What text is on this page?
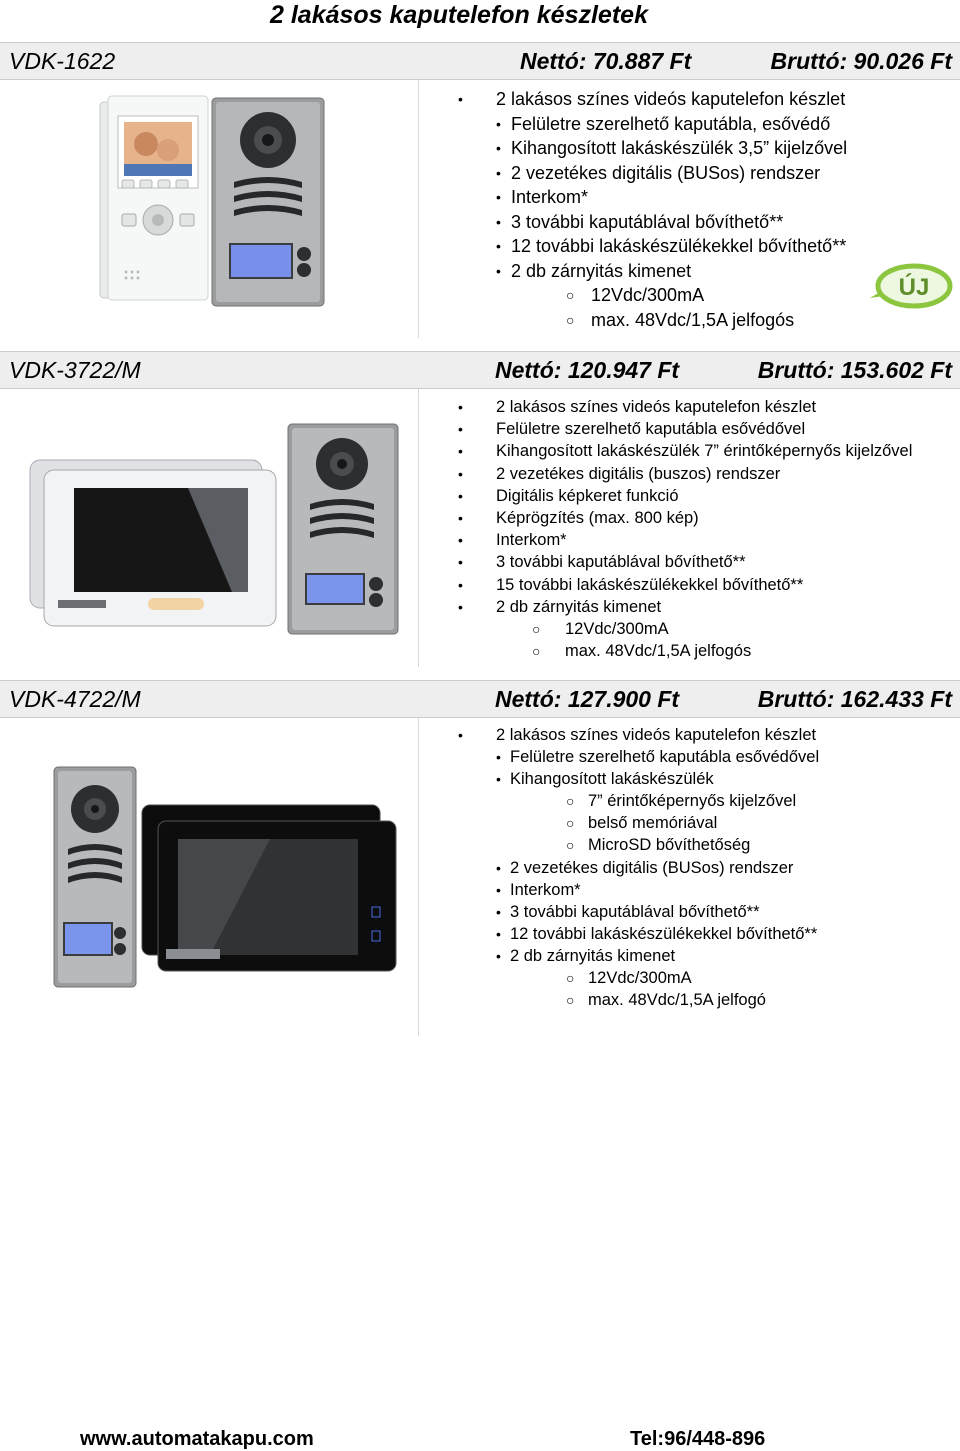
2 lakásos kaputelefon készletek
VDK-1622	Nettó: 70.887 Ft	Bruttó: 90.026 Ft
ÚJ
• 2 lakásos színes videós kaputelefon készlet
• Felületre szerelhető kaputábla, esővédő
• Kihangosított lakáskészülék 3,5” kijelzővel
• 2 vezetékes digitális (BUSos) rendszer
• Interkom*
• 3 további kaputáblával bővíthető**
• 12 további lakáskészülékekkel bővíthető**
• 2 db zárnyitás kimenet
○ 12Vdc/300mA
○ max. 48Vdc/1,5A jelfogós
VDK-3722/M	Nettó: 120.947 Ft	Bruttó: 153.602 Ft
• 2 lakásos színes videós kaputelefon készlet
• Felületre szerelhető kaputábla esővédővel
• Kihangosított lakáskészülék 7” érintőképernyős kijelzővel
• 2 vezetékes digitális (buszos) rendszer
• Digitális képkeret funkció
• Képrögzítés (max. 800 kép)
• Interkom*
• 3 további kaputáblával bővíthető**
• 15 további lakáskészülékekkel bővíthető**
• 2 db zárnyitás kimenet
○ 12Vdc/300mA
○ max. 48Vdc/1,5A jelfogós
VDK-4722/M	Nettó: 127.900 Ft	Bruttó: 162.433 Ft
• 2 lakásos színes videós kaputelefon készlet
• Felületre szerelhető kaputábla esővédővel
• Kihangosított lakáskészülék
○ 7” érintőképernyős kijelzővel
○ belső memóriával
○ MicroSD bővíthetőség
• 2 vezetékes digitális (BUSos) rendszer
• Interkom*
• 3 további kaputáblával bővíthető**
• 12 további lakáskészülékekkel bővíthető**
• 2 db zárnyitás kimenet
○ 12Vdc/300mA
○ max. 48Vdc/1,5A jelfogó
www.automatakapu.com	Tel:96/448-896
